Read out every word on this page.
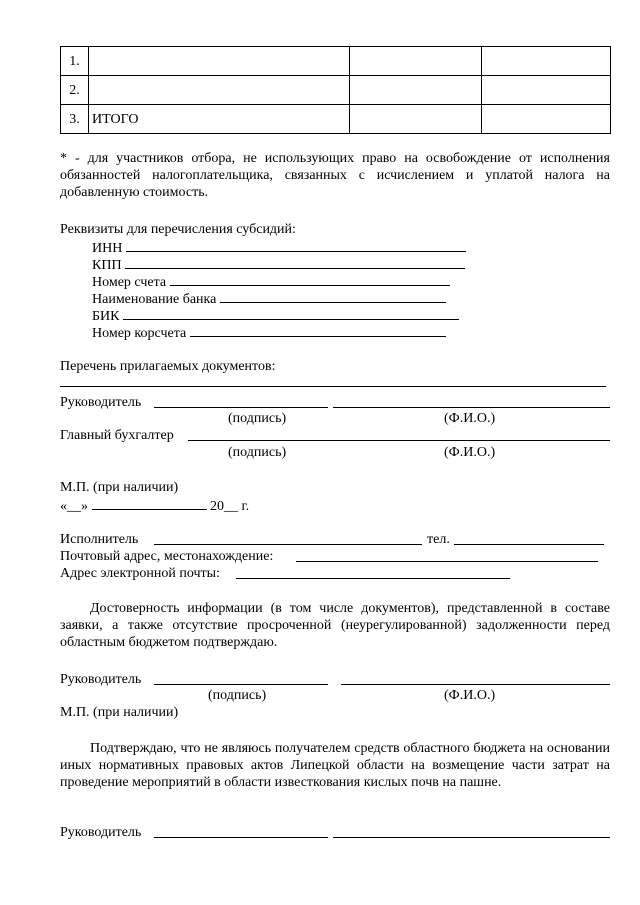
1.			
2.			
3.	ИТОГО		
* - для участников отбора, не использующих право на освобождение от исполнения обязанностей налогоплательщика, связанных с исчислением и уплатой налога на добавленную стоимость.
Реквизиты для перечисления субсидий:
ИНН
КПП
Номер счета
Наименование банка
БИК
Номер корсчета
Перечень прилагаемых документов:
Руководитель
(подпись)	(Ф.И.О.)
Главный бухгалтер
(подпись)	(Ф.И.О.)
М.П. (при наличии)
«__»	20__ г.
Исполнитель	тел.
Почтовый адрес, местонахождение:
Адрес электронной почты:
Достоверность информации (в том числе документов), представленной в составе заявки, а также отсутствие просроченной (неурегулированной) задолженности перед областным бюджетом подтверждаю.
Руководитель
(подпись)	(Ф.И.О.)
М.П. (при наличии)
Подтверждаю, что не являюсь получателем средств областного бюджета на основании иных нормативных правовых актов Липецкой области на возмещение части затрат на проведение мероприятий в области известкования кислых почв на пашне.
Руководитель
